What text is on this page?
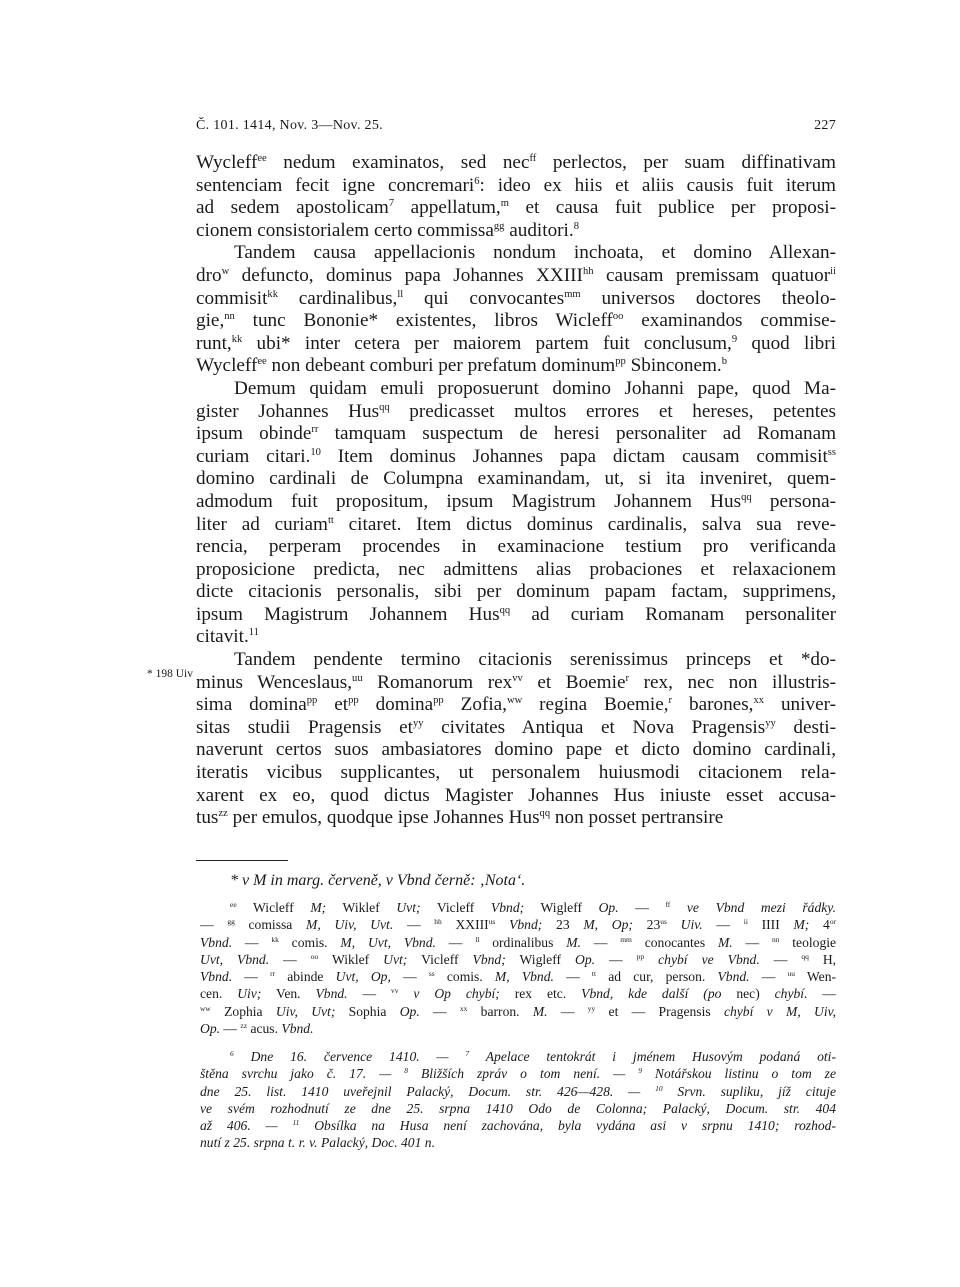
Č. 101. 1414, Nov. 3—Nov. 25.	227
* 198 Uiv
Wycleff$^{ee}$ nedum examinatos, sed nec$^{ff}$ perlectos, per suam diffinativam
sentenciam fecit igne concremari$^6$: ideo ex hiis et aliis causis fuit iterum
ad sedem apostolicam$^7$ appellatum,$^m$ et causa fuit publice per proposi-
cionem consistorialem certo commissa$^{gg}$ auditori.$^8$
Tandem causa appellacionis nondum inchoata, et domino Allexan-
dro$^w$ defuncto, dominus papa Johannes $XXIII^{hh}$ causam premissam quatuor$^{ii}$
commisit$^{kk}$ cardinalibus,$^{ll}$ qui convocantes$^{mm}$ universos doctores theolo-
gie,$^{nn}$ tunc Bononie* existentes, libros Wicleff$^{oo}$ examinandos commise-
runt,$^{kk}$ ubi* inter cetera per maiorem partem fuit conclusum,$^9$ quod libri
Wycleff$^{ee}$ non debeant comburi per prefatum dominum$^{pp}$ Sbinconem.$^b$
Demum quidam emuli proposuerunt domino Johanni pape, quod Ma-
gister Johannes Hus$^{qq}$ predicasset multos errores et hereses, petentes
ipsum obinde$^{rr}$ tamquam suspectum de heresi personaliter ad Romanam
curiam citari.$^{10}$ Item dominus Johannes papa dictam causam commisit$^{ss}$
domino cardinali de Columpna examinandam, ut, si ita inveniret, quem-
admodum fuit propositum, ipsum Magistrum Johannem Hus$^{qq}$ persona-
liter ad curiam$^{tt}$ citaret. Item dictus dominus cardinalis, salva sua reve-
rencia, perperam procendes in examinacione testium pro verificanda
proposicione predicta, nec admittens alias probaciones et relaxacionem
dicte citacionis personalis, sibi per dominum papam factam, supprimens,
ipsum Magistrum Johannem Hus$^{qq}$ ad curiam Romanam personaliter
citavit.$^{11}$
Tandem pendente termino citacionis serenissimus princeps et *do-
minus Wenceslaus,$^{uu}$ Romanorum rex$^{vv}$ et Boemie$^r$ rex, nec non illustris-
sima domina$^{pp}$ $et^{pp}$ domina$^{pp}$ Zofia,$^{ww}$ regina Boemie,$^r$ barones,$^{xx}$ univer-
sitas studii Pragensis $et^{yy}$ civitates Antiqua et Nova Pragensis$^{yy}$ desti-
naverunt certos suos ambasiatores domino pape et dicto domino cardinali,
iteratis vicibus supplicantes, ut personalem huiusmodi citacionem rela-
xarent ex eo, quod dictus Magister Johannes Hus iniuste esset accusa-
tus$^{zz}$ per emulos, quodque ipse Johannes Hus$^{qq}$ non posset pertransire
* v M in marg. červeně, v Vbnd černě: ‚Nota‘.
$^{ee}$ Wicleff M; Wiklef Uvt; Vicleff Vbnd; Wigleff Op. — $^{ff}$ ve Vbnd mezi řádky.
— $^{gg}$ comissa M, Uiv, Uvt. — $^{hh}$ $XXIII^{us}$ Vbnd; 23 M, Op; $23^{us}$ Uiv. — $^{ii}$ IIII M; $4^{or}$
Vbnd. — $^{kk}$ comis. M, Uvt, Vbnd. — $^{ll}$ ordinalibus M. — $^{mm}$ conocantes M. — $^{nn}$ teologie
Uvt, Vbnd. — $^{oo}$ Wiklef Uvt; Vicleff Vbnd; Wigleff Op. — $^{pp}$ chybí ve Vbnd. — $^{qq}$ H,
Vbnd. — $^{rr}$ abinde Uvt, Op, — $^{ss}$ comis. M, Vbnd. — $^{tt}$ ad cur, person. Vbnd. — $^{uu}$ Wen-
cen. Uiv; Ven. Vbnd. — $^{vv}$ v Op chybí; rex etc. Vbnd, kde další (po nec) chybí. —
$^{ww}$ Zophia Uiv, Uvt; Sophia Op. — $^{xx}$ barron. M. — $^{yy}$ et — Pragensis chybí v M, Uiv,
Op. — $^{zz}$ acus. Vbnd.
$^6$ Dne 16. července 1410. — $^7$ Apelace tentokrát i jménem Husovým podaná oti-
štěna svrchu jako č. 17. — $^8$ Bližších zpráv o tom není. — $^9$ Notářskou listinu o tom ze
dne 25. list. 1410 uveřejnil Palacký, Docum. str. 426—428. — $^{10}$ Srvn. supliku, jíž cituje
ve svém rozhodnutí ze dne 25. srpna 1410 Odo de Colonna; Palacký, Docum. str. 404
až 406. — $^{11}$ Obsílka na Husa není zachována, byla vydána asi v srpnu 1410; rozhod-
nutí z 25. srpna t. r. v. Palacký, Doc. 401 n.
